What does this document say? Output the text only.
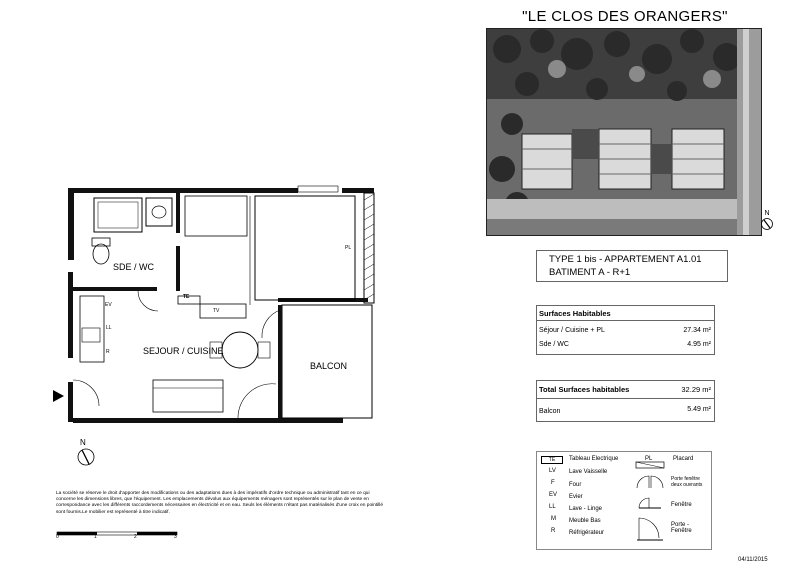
"LE CLOS DES ORANGERS"
N
TYPE 1 bis - APPARTEMENT A1.01
BATIMENT A - R+1
Surfaces Habitables
Séjour / Cuisine + PL	27.34 m²
Sde / WC	4.95 m²
Total Surfaces habitables	32.29 m²
Balcon	5.49 m²
TE	Tableau Electrique
LV Lave Vaisselle
F Four
EV Evier
LL Lave - Linge
M Meuble Bas
R Réfrigérateur
PL	Placard
Porte fenêtre deux ouvrants
Fenêtre
Porte - Fenêtre
SDE / WC
SEJOUR / CUISINE
BALCON
PL
TE
TV
EV
LL
R
N
La société se réserve le droit d'apporter des modifications ou des adaptations dues à des impératifs d'ordre technique ou administratif tant en ce qui concerne les dimensions libres, que l'équipement. Les emplacements dévolus aux équipements ménagers sont représentés sur le plan de vente en correspondance avec les différents raccordements nécessaires en électricité et en eau. Seuls les éléments n'étant pas matérialisés d'une croix en pointillé sont fournis.Le mobilier est représenté à titre indicatif.
0	1	2	3
04/11/2015
